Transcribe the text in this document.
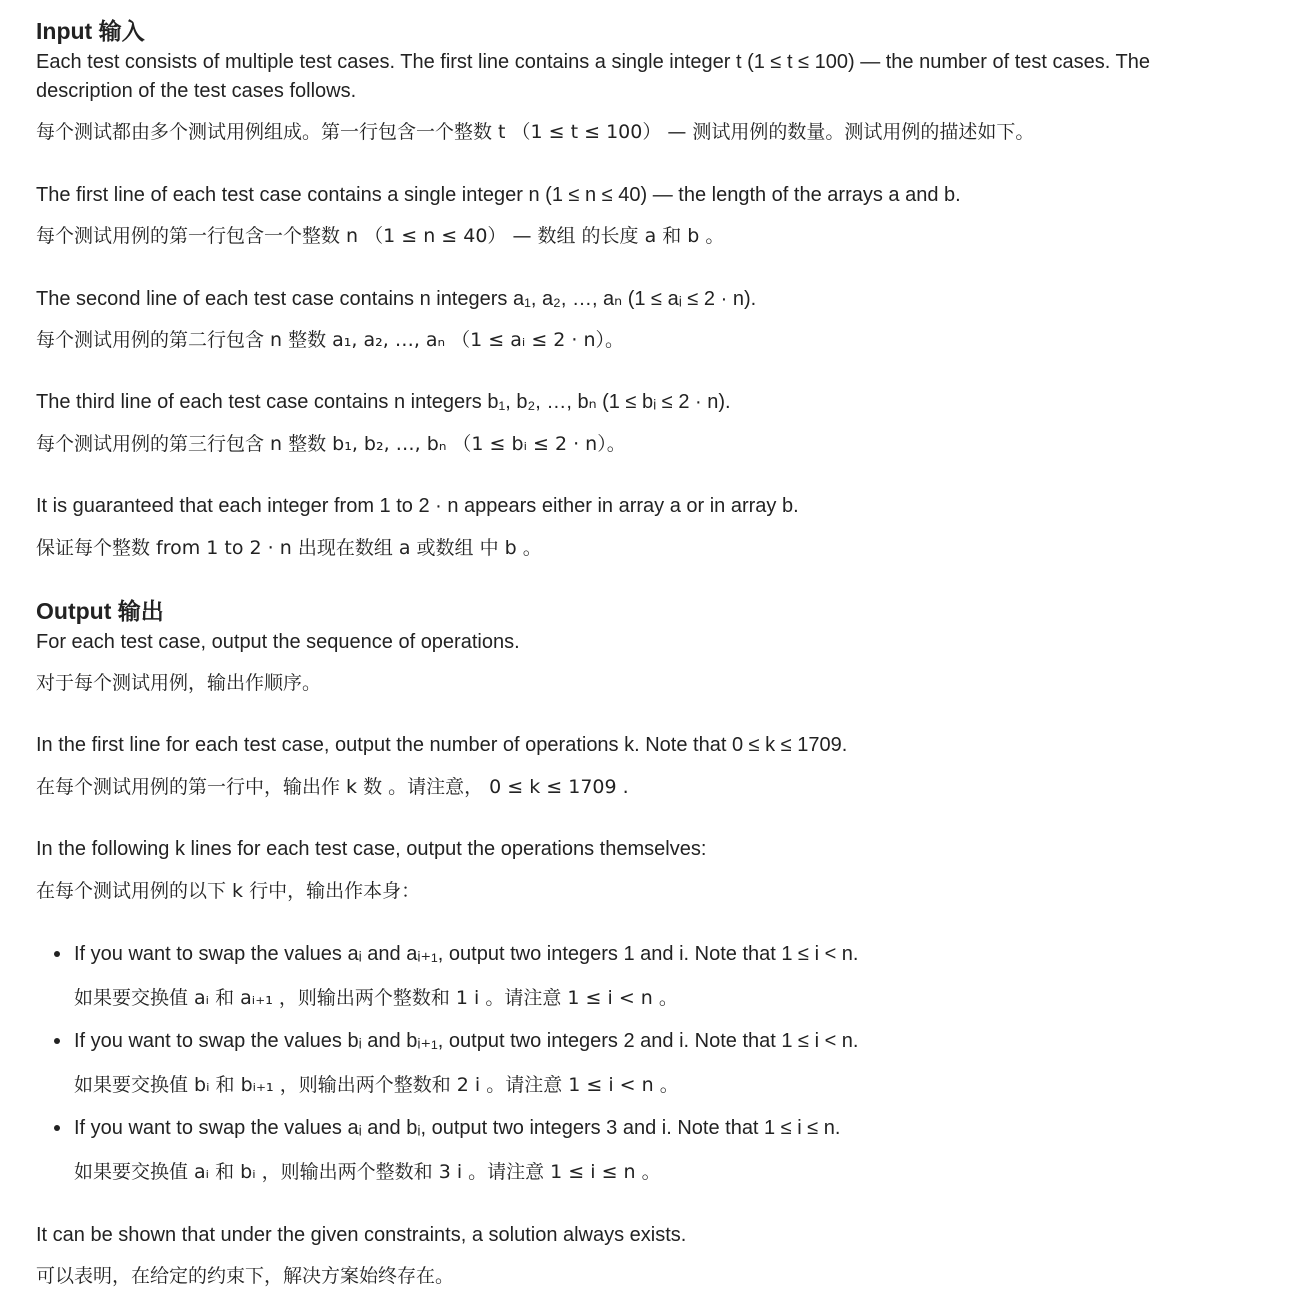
Input 输入
Each test consists of multiple test cases. The first line contains a single integer t (1 ≤ t ≤ 100) — the number of test cases. The
description of the test cases follows.
每个测试都由多个测试用例组成。第一行包含一个整数 t （1 ≤ t ≤ 100） — 测试用例的数量。测试用例的描述如下。
The first line of each test case contains a single integer n (1 ≤ n ≤ 40) — the length of the arrays a and b.
每个测试用例的第一行包含一个整数 n （1 ≤ n ≤ 40） — 数组 的长度 a 和 b 。
The second line of each test case contains n integers a₁, a₂, …, aₙ (1 ≤ aᵢ ≤ 2 · n).
每个测试用例的第二行包含 n 整数 a₁, a₂, …, aₙ （1 ≤ aᵢ ≤ 2 · n）。
The third line of each test case contains n integers b₁, b₂, …, bₙ (1 ≤ bᵢ ≤ 2 · n).
每个测试用例的第三行包含 n 整数 b₁, b₂, …, bₙ （1 ≤ bᵢ ≤ 2 · n）。
It is guaranteed that each integer from 1 to 2 · n appears either in array a or in array b.
保证每个整数 from 1 to 2 · n 出现在数组 a 或数组 中 b 。
Output 输出
For each test case, output the sequence of operations.
对于每个测试用例，输出作顺序。
In the first line for each test case, output the number of operations k. Note that 0 ≤ k ≤ 1709.
在每个测试用例的第一行中，输出作 k 数 。请注意， 0 ≤ k ≤ 1709 .
In the following k lines for each test case, output the operations themselves:
在每个测试用例的以下 k 行中，输出作本身：
If you want to swap the values aᵢ and aᵢ₊₁, output two integers 1 and i. Note that 1 ≤ i < n.
如果要交换值 aᵢ 和 aᵢ₊₁ ，则输出两个整数和 1 i 。请注意 1 ≤ i < n 。
If you want to swap the values bᵢ and bᵢ₊₁, output two integers 2 and i. Note that 1 ≤ i < n.
如果要交换值 bᵢ 和 bᵢ₊₁ ，则输出两个整数和 2 i 。请注意 1 ≤ i < n 。
If you want to swap the values aᵢ and bᵢ, output two integers 3 and i. Note that 1 ≤ i ≤ n.
如果要交换值 aᵢ 和 bᵢ ，则输出两个整数和 3 i 。请注意 1 ≤ i ≤ n 。
It can be shown that under the given constraints, a solution always exists.
可以表明，在给定的约束下，解决方案始终存在。
